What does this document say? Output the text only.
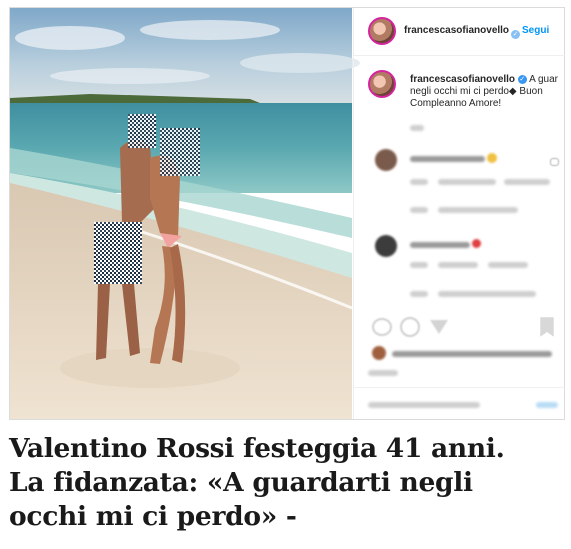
francescasofianovello ✓ Segui
francescasofianovello ✓ A guar
negli occhi mi ci perdo◆ Buon
Compleanno Amore!
Valentino Rossi festeggia 41 anni.
La fidanzata: «A guardarti negli
occhi mi ci perdo» -
